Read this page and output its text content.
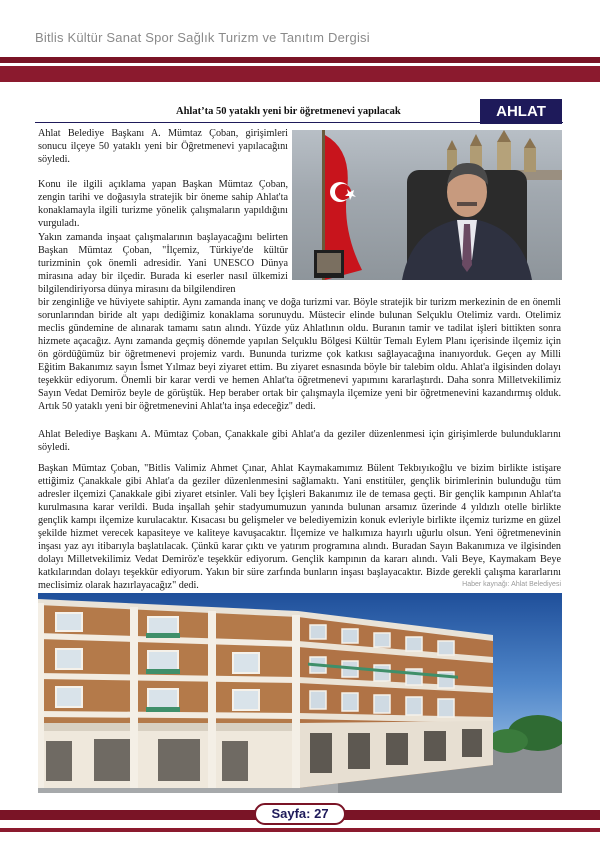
Bitlis Kültür Sanat Spor Sağlık Turizm ve Tanıtım Dergisi
AHLAT
Ahlat’ta 50 yataklı yeni bir öğretmenevi yapılacak

Ahlat Belediye Başkanı A. Mümtaz Çoban, girişimleri sonucu ilçeye 50 yataklı yeni bir Öğretmenevi yapılacağını söyledi.

Konu ile ilgili açıklama yapan Başkan Mümtaz Çoban, zengin tarihi ve doğasıyla stratejik bir öneme sahip Ahlat'ta konaklamayla ilgili turizme yönelik çalışmaların yapıldığını vurguladı.

Yakın zamanda inşaat çalışmalarının başlayacağını belirten Başkan Mümtaz Çoban, "İlçemiz, Türkiye'de kültür turizminin çok önemli adresidir. Yani UNESCO Dünya mirasına aday bir ilçedir. Burada ki eserler nasıl ülkemizi bilgilendiriyorsa dünya mirasını da bilgilendiren

bir zenginliğe ve hüviyete sahiptir. Aynı zamanda inanç ve doğa turizmi var. Böyle stratejik bir turizm merkezinin de en önemli sorunlarından biride alt yapı dediğimiz konaklama sorunuydu. Müstecir elinde bulunan Selçuklu Otelimiz vardı. Otelimiz meclis gündemine de alınarak tamamı satın alındı. Yüzde yüz Ahlatlının oldu. Buranın tamir ve tadilat işleri bittikten sonra hizmete açacağız. Aynı zamanda geçmiş dönemde yapılan Selçuklu Bölgesi Kültür Temalı Eylem Planı içerisinde ilçemiz için ön gördüğümüz bir öğretmenevi projemiz vardı. Bununda turizme çok katkısı sağlayacağına inanıyorduk. Geçen ay Milli Eğitim Bakanımız sayın İsmet Yılmaz beyi ziyaret ettim. Bu ziyaret esnasında böyle bir talebim oldu. Ahlat'a ilgisinden dolayı teşekkür ediyorum. Önemli bir karar verdi ve hemen Ahlat'ta öğretmenevi yapımını kararlaştırdı. Daha sonra Milletvekilimiz Sayın Vedat Demiröz beyle de görüştük. Hep beraber ortak bir çalışmayla ilçemize yeni bir öğretmenevini kazandırmış olduk. Artık 50 yataklı yeni bir öğretmenevini Ahlat'ta inşa edeceğiz" dedi.

Ahlat Belediye Başkanı A. Mümtaz Çoban, Çanakkale gibi Ahlat'a da geziler düzenlenmesi için girişimlerde bulunduklarını söyledi.

Başkan Mümtaz Çoban, "Bitlis Valimiz Ahmet Çınar, Ahlat Kaymakamımız Bülent Tekbıyıkoğlu ve bizim birlikte istişare ettiğimiz Çanakkale gibi Ahlat'a da geziler düzenlenmesini sağlamaktı. Yani enstitüler, gençlik birimlerinin bulunduğu tüm adresler ilçemizi Çanakkale gibi ziyaret etsinler. Vali bey İçişleri Bakanımız ile de temasa geçti. Bir gençlik kampının Ahlat'ta kurulmasına karar verildi. Buda inşallah şehir stadyumumuzun yanında bulunan arsamız üzerinde 4 yıldızlı otelle birlikte gençlik kampı ilçemize kurulacaktır. Kısacası bu gelişmeler ve belediyemizin konuk evleriyle birlikte ilçemiz turizme en güzel şekilde hizmet verecek kapasiteye ve kaliteye kavuşacaktır. İlçemize ve halkımıza hayırlı uğurlu olsun. Yeni öğretmenevinin inşası yaz ayı itibarıyla başlatılacak. Çünkü karar çıktı ve yatırım programına alındı. Buradan Sayın Bakanımıza ve ilgisinden dolayı Milletvekilimiz Vedat Demiröz'e teşekkür ediyorum. Gençlik kampının da kararı alındı. Vali Beye, Kaymakam Beye katkılarından dolayı teşekkür ediyorum. Yakın bir süre zarfında bunların inşası başlayacaktır. Bizde gerekli çalışma kararlarını meclisimiz olarak hazırlayacağız" dedi.	Haber kaynağı: Ahlat Belediyesi
Sayfa: 27
